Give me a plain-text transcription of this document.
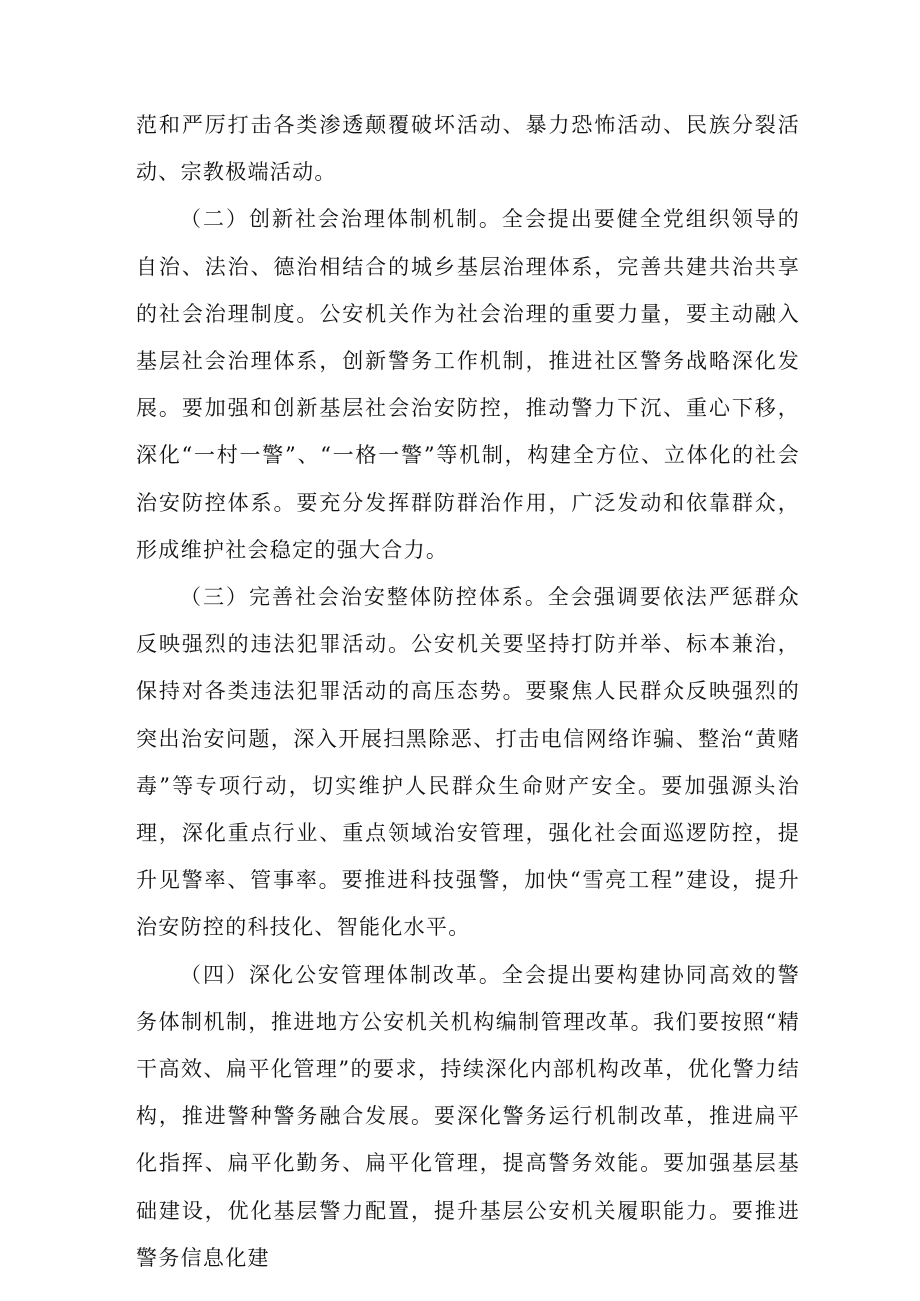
范和严厉打击各类渗透颠覆破坏活动、暴力恐怖活动、民族分裂活动、宗教极端活动。

（二）创新社会治理体制机制。全会提出要健全党组织领导的自治、法治、德治相结合的城乡基层治理体系，完善共建共治共享的社会治理制度。公安机关作为社会治理的重要力量，要主动融入基层社会治理体系，创新警务工作机制，推进社区警务战略深化发展。要加强和创新基层社会治安防控，推动警力下沉、重心下移，深化“一村一警”、“一格一警”等机制，构建全方位、立体化的社会治安防控体系。要充分发挥群防群治作用，广泛发动和依靠群众，形成维护社会稳定的强大合力。

（三）完善社会治安整体防控体系。全会强调要依法严惩群众反映强烈的违法犯罪活动。公安机关要坚持打防并举、标本兼治，保持对各类违法犯罪活动的高压态势。要聚焦人民群众反映强烈的突出治安问题，深入开展扫黑除恶、打击电信网络诈骗、整治“黄赌毒”等专项行动，切实维护人民群众生命财产安全。要加强源头治理，深化重点行业、重点领域治安管理，强化社会面巡逻防控，提升见警率、管事率。要推进科技强警，加快“雪亮工程”建设，提升治安防控的科技化、智能化水平。

（四）深化公安管理体制改革。全会提出要构建协同高效的警务体制机制，推进地方公安机关机构编制管理改革。我们要按照“精干高效、扁平化管理”的要求，持续深化内部机构改革，优化警力结构，推进警种警务融合发展。要深化警务运行机制改革，推进扁平化指挥、扁平化勤务、扁平化管理，提高警务效能。要加强基层基础建设，优化基层警力配置，提升基层公安机关履职能力。要推进警务信息化建
